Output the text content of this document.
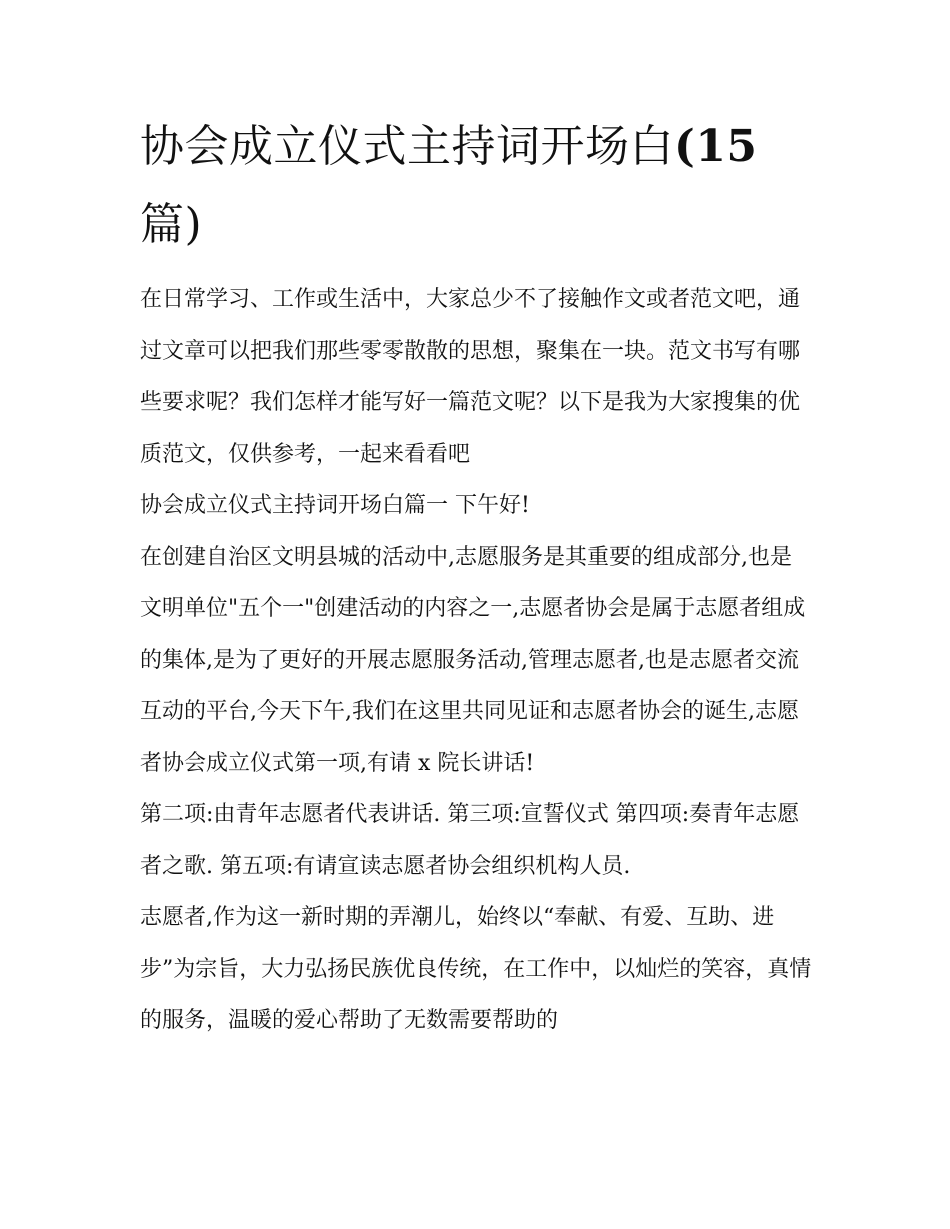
协会成立仪式主持词开场白(15
篇)

在日常学习、工作或生活中，大家总少不了接触作文或者范文吧，通过文章可以把我们那些零零散散的思想，聚集在一块。范文书写有哪些要求呢？我们怎样才能写好一篇范文呢？以下是我为大家搜集的优质范文，仅供参考，一起来看看吧

协会成立仪式主持词开场白篇一 下午好!

在创建自治区文明县城的活动中,志愿服务是其重要的组成部分,也是文明单位"五个一"创建活动的内容之一,志愿者协会是属于志愿者组成的集体,是为了更好的开展志愿服务活动,管理志愿者,也是志愿者交流互动的平台,今天下午,我们在这里共同见证和志愿者协会的诞生,志愿者协会成立仪式第一项,有请 x 院长讲话!

第二项:由青年志愿者代表讲话. 第三项:宣誓仪式 第四项:奏青年志愿者之歌. 第五项:有请宣读志愿者协会组织机构人员.

志愿者,作为这一新时期的弄潮儿，始终以“奉献、有爱、互助、进步”为宗旨，大力弘扬民族优良传统，在工作中，以灿烂的笑容，真情的服务，温暖的爱心帮助了无数需要帮助的
